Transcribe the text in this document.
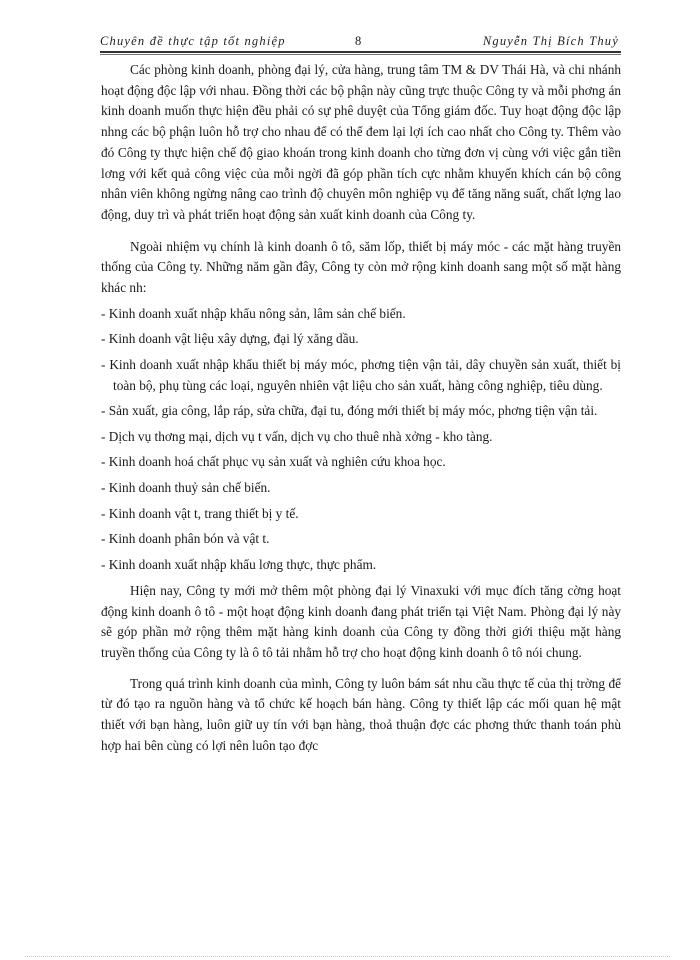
Chuyên đề thực tập tốt nghiệp	8	Nguyễn Thị Bích Thuỷ

Các phòng kinh doanh, phòng đại lý, cửa hàng, trung tâm TM & DV Thái Hà, và chi nhánh hoạt động độc lập với nhau. Đồng thời các bộ phận này cũng trực thuộc Công ty và mỗi phơng án kinh doanh muốn thực hiện đều phải có sự phê duyệt của Tổng giám đốc. Tuy hoạt động độc lập nhng các bộ phận luôn hỗ trợ cho nhau để có thể đem lại lợi ích cao nhất cho Công ty. Thêm vào đó Công ty thực hiện chế độ giao khoán trong kinh doanh cho từng đơn vị cùng với việc gắn tiền lơng với kết quả công việc của mỗi ngời đã góp phần tích cực nhằm khuyến khích cán bộ công nhân viên không ngừng nâng cao trình độ chuyên môn nghiệp vụ để tăng năng suất, chất lợng lao động, duy trì và phát triển hoạt động sản xuất kinh doanh của Công ty.

Ngoài nhiệm vụ chính là kinh doanh ô tô, săm lốp, thiết bị máy móc - các mặt hàng truyền thống của Công ty. Những năm gần đây, Công ty còn mở rộng kinh doanh sang một số mặt hàng khác nh:

- Kinh doanh xuất nhập khẩu nông sản, lâm sản chế biến.
- Kinh doanh vật liệu xây dựng, đại lý xăng dầu.
- Kinh doanh xuất nhập khẩu thiết bị máy móc, phơng tiện vận tải, dây chuyền sản xuất, thiết bị toàn bộ, phụ tùng các loại, nguyên nhiên vật liệu cho sản xuất, hàng công nghiệp, tiêu dùng.
- Sản xuất, gia công, lắp ráp, sửa chữa, đại tu, đóng mới thiết bị máy móc, phơng tiện vận tải.
- Dịch vụ thơng mại, dịch vụ t vấn, dịch vụ cho thuê nhà xởng - kho tàng.
- Kinh doanh hoá chất phục vụ sản xuất và nghiên cứu khoa học.
- Kinh doanh thuỷ sản chế biến.
- Kinh doanh vật t, trang thiết bị y tế.
- Kinh doanh phân bón và vật t.
- Kinh doanh xuất nhập khẩu lơng thực, thực phẩm.

Hiện nay, Công ty mới mở thêm một phòng đại lý Vinaxuki với mục đích tăng cờng hoạt động kinh doanh ô tô - một hoạt động kinh doanh đang phát triển tại Việt Nam. Phòng đại lý này sẽ góp phần mở rộng thêm mặt hàng kinh doanh của Công ty đồng thời giới thiệu mặt hàng truyền thống của Công ty là ô tô tải nhằm hỗ trợ cho hoạt động kinh doanh ô tô nói chung.

Trong quá trình kinh doanh của mình, Công ty luôn bám sát nhu cầu thực tế của thị trờng để từ đó tạo ra nguồn hàng và tổ chức kế hoạch bán hàng. Công ty thiết lập các mối quan hệ mật thiết với bạn hàng, luôn giữ uy tín với bạn hàng, thoả thuận đợc các phơng thức thanh toán phù hợp hai bên cùng có lợi nên luôn tạo đợc
